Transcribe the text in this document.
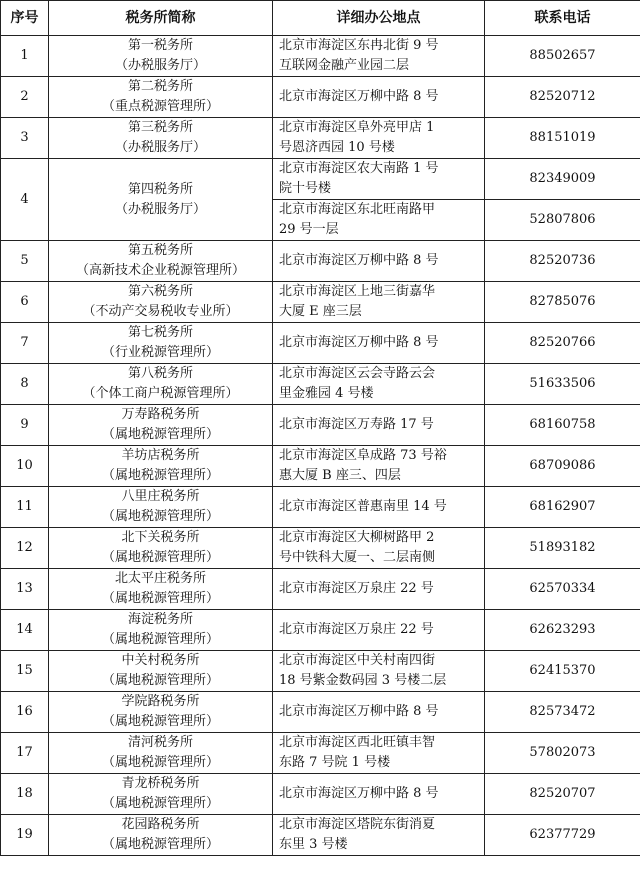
序号	税务所简称	详细办公地点	联系电话
1	第一税务所
（办税服务厅）	北京市海淀区东冉北街 9 号
互联网金融产业园二层	88502657
2	第二税务所
（重点税源管理所）	北京市海淀区万柳中路 8 号	82520712
3	第三税务所
（办税服务厅）	北京市海淀区阜外亮甲店 1
号恩济西园 10 号楼	88151019
4	第四税务所
（办税服务厅）	北京市海淀区农大南路 1 号
院十号楼	82349009

		北京市海淀区东北旺南路甲
29 号一层	52807806
5	第五税务所
（高新技术企业税源管理所）	北京市海淀区万柳中路 8 号	82520736
6	第六税务所
（不动产交易税收专业所）	北京市海淀区上地三街嘉华
大厦 E 座三层	82785076
7	第七税务所
（行业税源管理所）	北京市海淀区万柳中路 8 号	82520766
8	第八税务所
（个体工商户税源管理所）	北京市海淀区云会寺路云会
里金雅园 4 号楼	51633506
9	万寿路税务所
（属地税源管理所）	北京市海淀区万寿路 17 号	68160758
10	羊坊店税务所
（属地税源管理所）	北京市海淀区阜成路 73 号裕
惠大厦 B 座三、四层	68709086
11	八里庄税务所
（属地税源管理所）	北京市海淀区普惠南里 14 号	68162907
12	北下关税务所
（属地税源管理所）	北京市海淀区大柳树路甲 2
号中铁科大厦一、二层南侧	51893182
13	北太平庄税务所
（属地税源管理所）	北京市海淀区万泉庄 22 号	62570334
14	海淀税务所
（属地税源管理所）	北京市海淀区万泉庄 22 号	62623293
15	中关村税务所
（属地税源管理所）	北京市海淀区中关村南四街
18 号紫金数码园 3 号楼二层	62415370
16	学院路税务所
（属地税源管理所）	北京市海淀区万柳中路 8 号	82573472
17	清河税务所
（属地税源管理所）	北京市海淀区西北旺镇丰智
东路 7 号院 1 号楼	57802073
18	青龙桥税务所
（属地税源管理所）	北京市海淀区万柳中路 8 号	82520707
19	花园路税务所
（属地税源管理所）	北京市海淀区塔院东街消夏
东里 3 号楼	62377729
